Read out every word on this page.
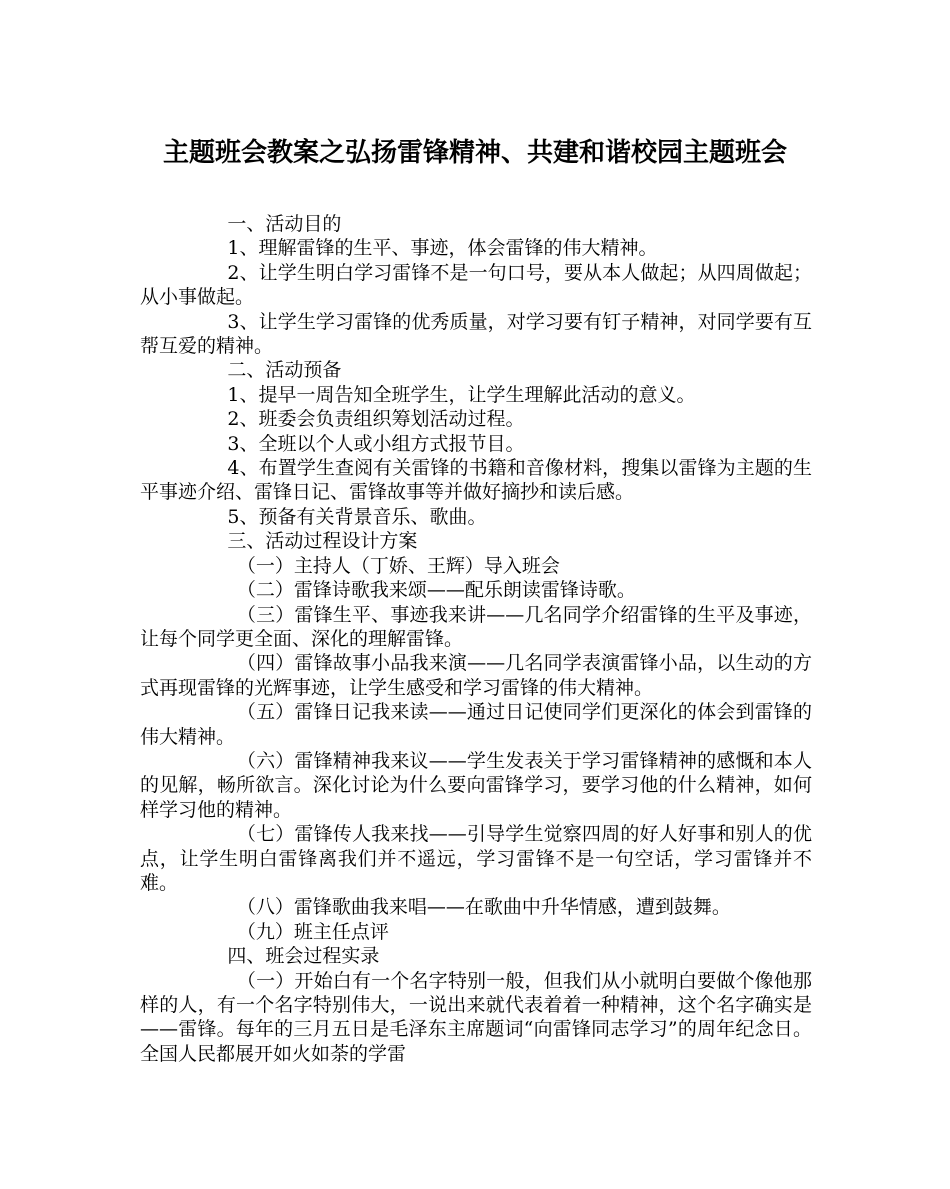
主题班会教案之弘扬雷锋精神、共建和谐校园主题班会

一、活动目的

1、理解雷锋的生平、事迹，体会雷锋的伟大精神。

2、让学生明白学习雷锋不是一句口号，要从本人做起；从四周做起；从小事做起。

3、让学生学习雷锋的优秀质量，对学习要有钉子精神，对同学要有互帮互爱的精神。

二、活动预备

1、提早一周告知全班学生，让学生理解此活动的意义。

2、班委会负责组织筹划活动过程。

3、全班以个人或小组方式报节目。

4、布置学生查阅有关雷锋的书籍和音像材料，搜集以雷锋为主题的生平事迹介绍、雷锋日记、雷锋故事等并做好摘抄和读后感。

5、预备有关背景音乐、歌曲。

三、活动过程设计方案

（一）主持人（丁娇、王辉）导入班会

（二）雷锋诗歌我来颂——配乐朗读雷锋诗歌。

（三）雷锋生平、事迹我来讲——几名同学介绍雷锋的生平及事迹，让每个同学更全面、深化的理解雷锋。

（四）雷锋故事小品我来演——几名同学表演雷锋小品，以生动的方式再现雷锋的光辉事迹，让学生感受和学习雷锋的伟大精神。

（五）雷锋日记我来读——通过日记使同学们更深化的体会到雷锋的伟大精神。

（六）雷锋精神我来议——学生发表关于学习雷锋精神的感慨和本人的见解，畅所欲言。深化讨论为什么要向雷锋学习，要学习他的什么精神，如何样学习他的精神。

（七）雷锋传人我来找——引导学生觉察四周的好人好事和别人的优点，让学生明白雷锋离我们并不遥远，学习雷锋不是一句空话，学习雷锋并不难。

（八）雷锋歌曲我来唱——在歌曲中升华情感，遭到鼓舞。

（九）班主任点评

四、班会过程实录

（一）开始白有一个名字特别一般，但我们从小就明白要做个像他那样的人，有一个名字特别伟大，一说出来就代表着着一种精神，这个名字确实是——雷锋。每年的三月五日是毛泽东主席题词“向雷锋同志学习”的周年纪念日。全国人民都展开如火如荼的学雷
